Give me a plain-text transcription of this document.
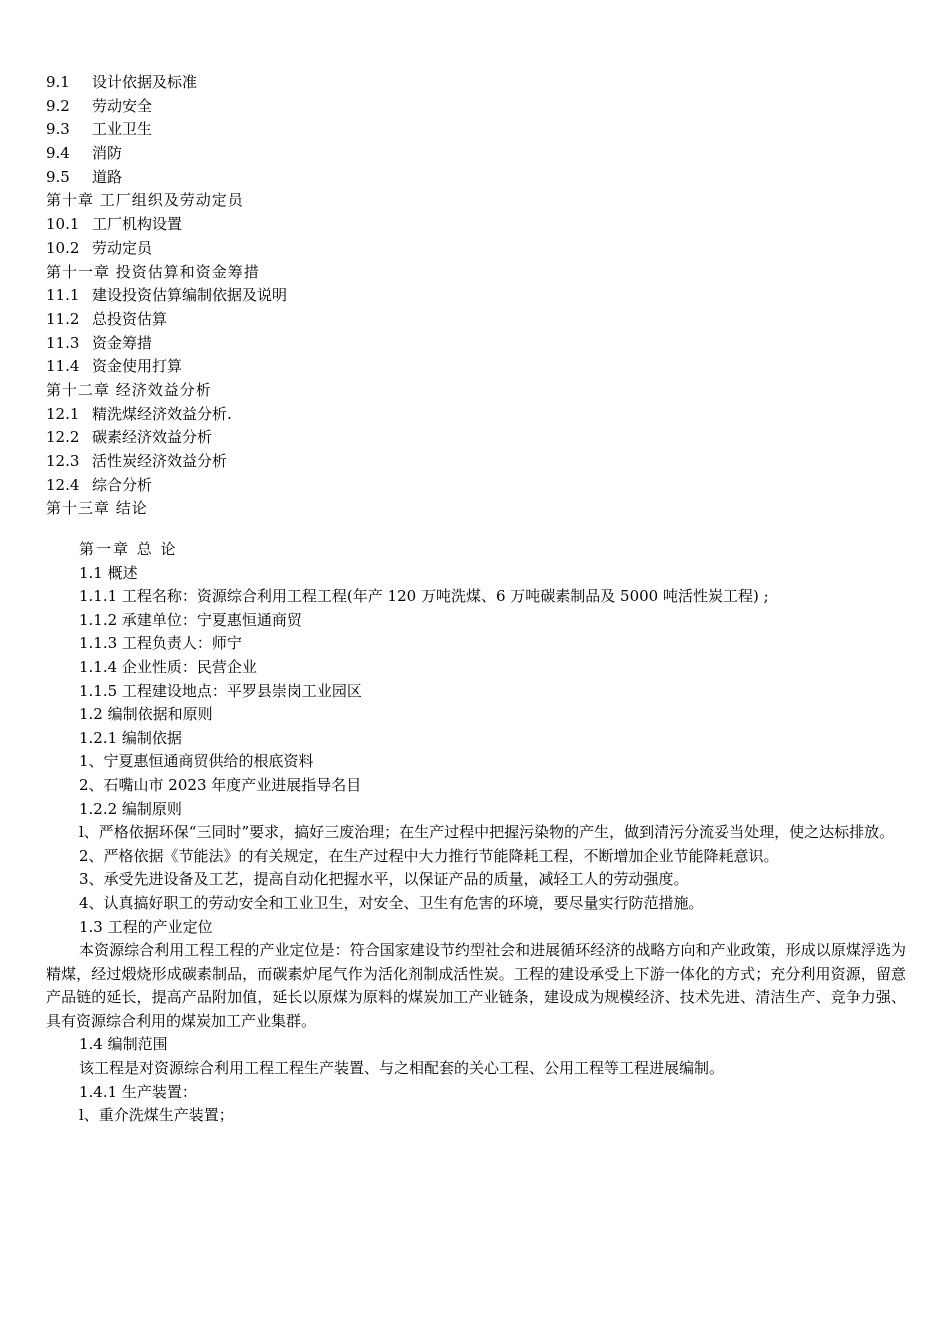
9.1 设计依据及标准
9.2 劳动安全
9.3 工业卫生
9.4 消防
9.5 道路
第十章 工厂组织及劳动定员
10.1 工厂机构设置
10.2 劳动定员
第十一章 投资估算和资金筹措
11.1 建设投资估算编制依据及说明
11.2 总投资估算
11.3 资金筹措
11.4 资金使用打算
第十二章 经济效益分析
12.1 精洗煤经济效益分析.
12.2 碳素经济效益分析
12.3 活性炭经济效益分析
12.4 综合分析
第十三章 结论
第一章 总 论
1.1 概述
1.1.1 工程名称：资源综合利用工程工程(年产 120 万吨洗煤、6 万吨碳素制品及 5000 吨活性炭工程) ;
1.1.2 承建单位：宁夏惠恒通商贸
1.1.3 工程负责人：师宁
1.1.4 企业性质：民营企业
1.1.5 工程建设地点：平罗县崇岗工业园区
1.2 编制依据和原则
1.2.1 编制依据
1、宁夏惠恒通商贸供给的根底资料
2、石嘴山市 2023 年度产业进展指导名目
1.2.2 编制原则
l、严格依据环保“三同时”要求，搞好三废治理；在生产过程中把握污染物的产生，做到清污分流妥当处理，使之达标排放。
2、严格依据《节能法》的有关规定，在生产过程中大力推行节能降耗工程，不断增加企业节能降耗意识。
3、承受先进设备及工艺，提高自动化把握水平，以保证产品的质量，减轻工人的劳动强度。
4、认真搞好职工的劳动安全和工业卫生，对安全、卫生有危害的环境，要尽量实行防范措施。
1.3 工程的产业定位
本资源综合利用工程工程的产业定位是：符合国家建设节约型社会和进展循环经济的战略方向和产业政策，形成以原煤浮选为精煤，经过煅烧形成碳素制品，而碳素炉尾气作为活化剂制成活性炭。工程的建设承受上下游一体化的方式；充分利用资源，留意产品链的延长，提高产品附加值，延长以原煤为原料的煤炭加工产业链条，建设成为规模经济、技术先进、清洁生产、竞争力强、具有资源综合利用的煤炭加工产业集群。
1.4 编制范围
该工程是对资源综合利用工程工程生产装置、与之相配套的关心工程、公用工程等工程进展编制。
1.4.1 生产装置：
l、重介洗煤生产装置；
